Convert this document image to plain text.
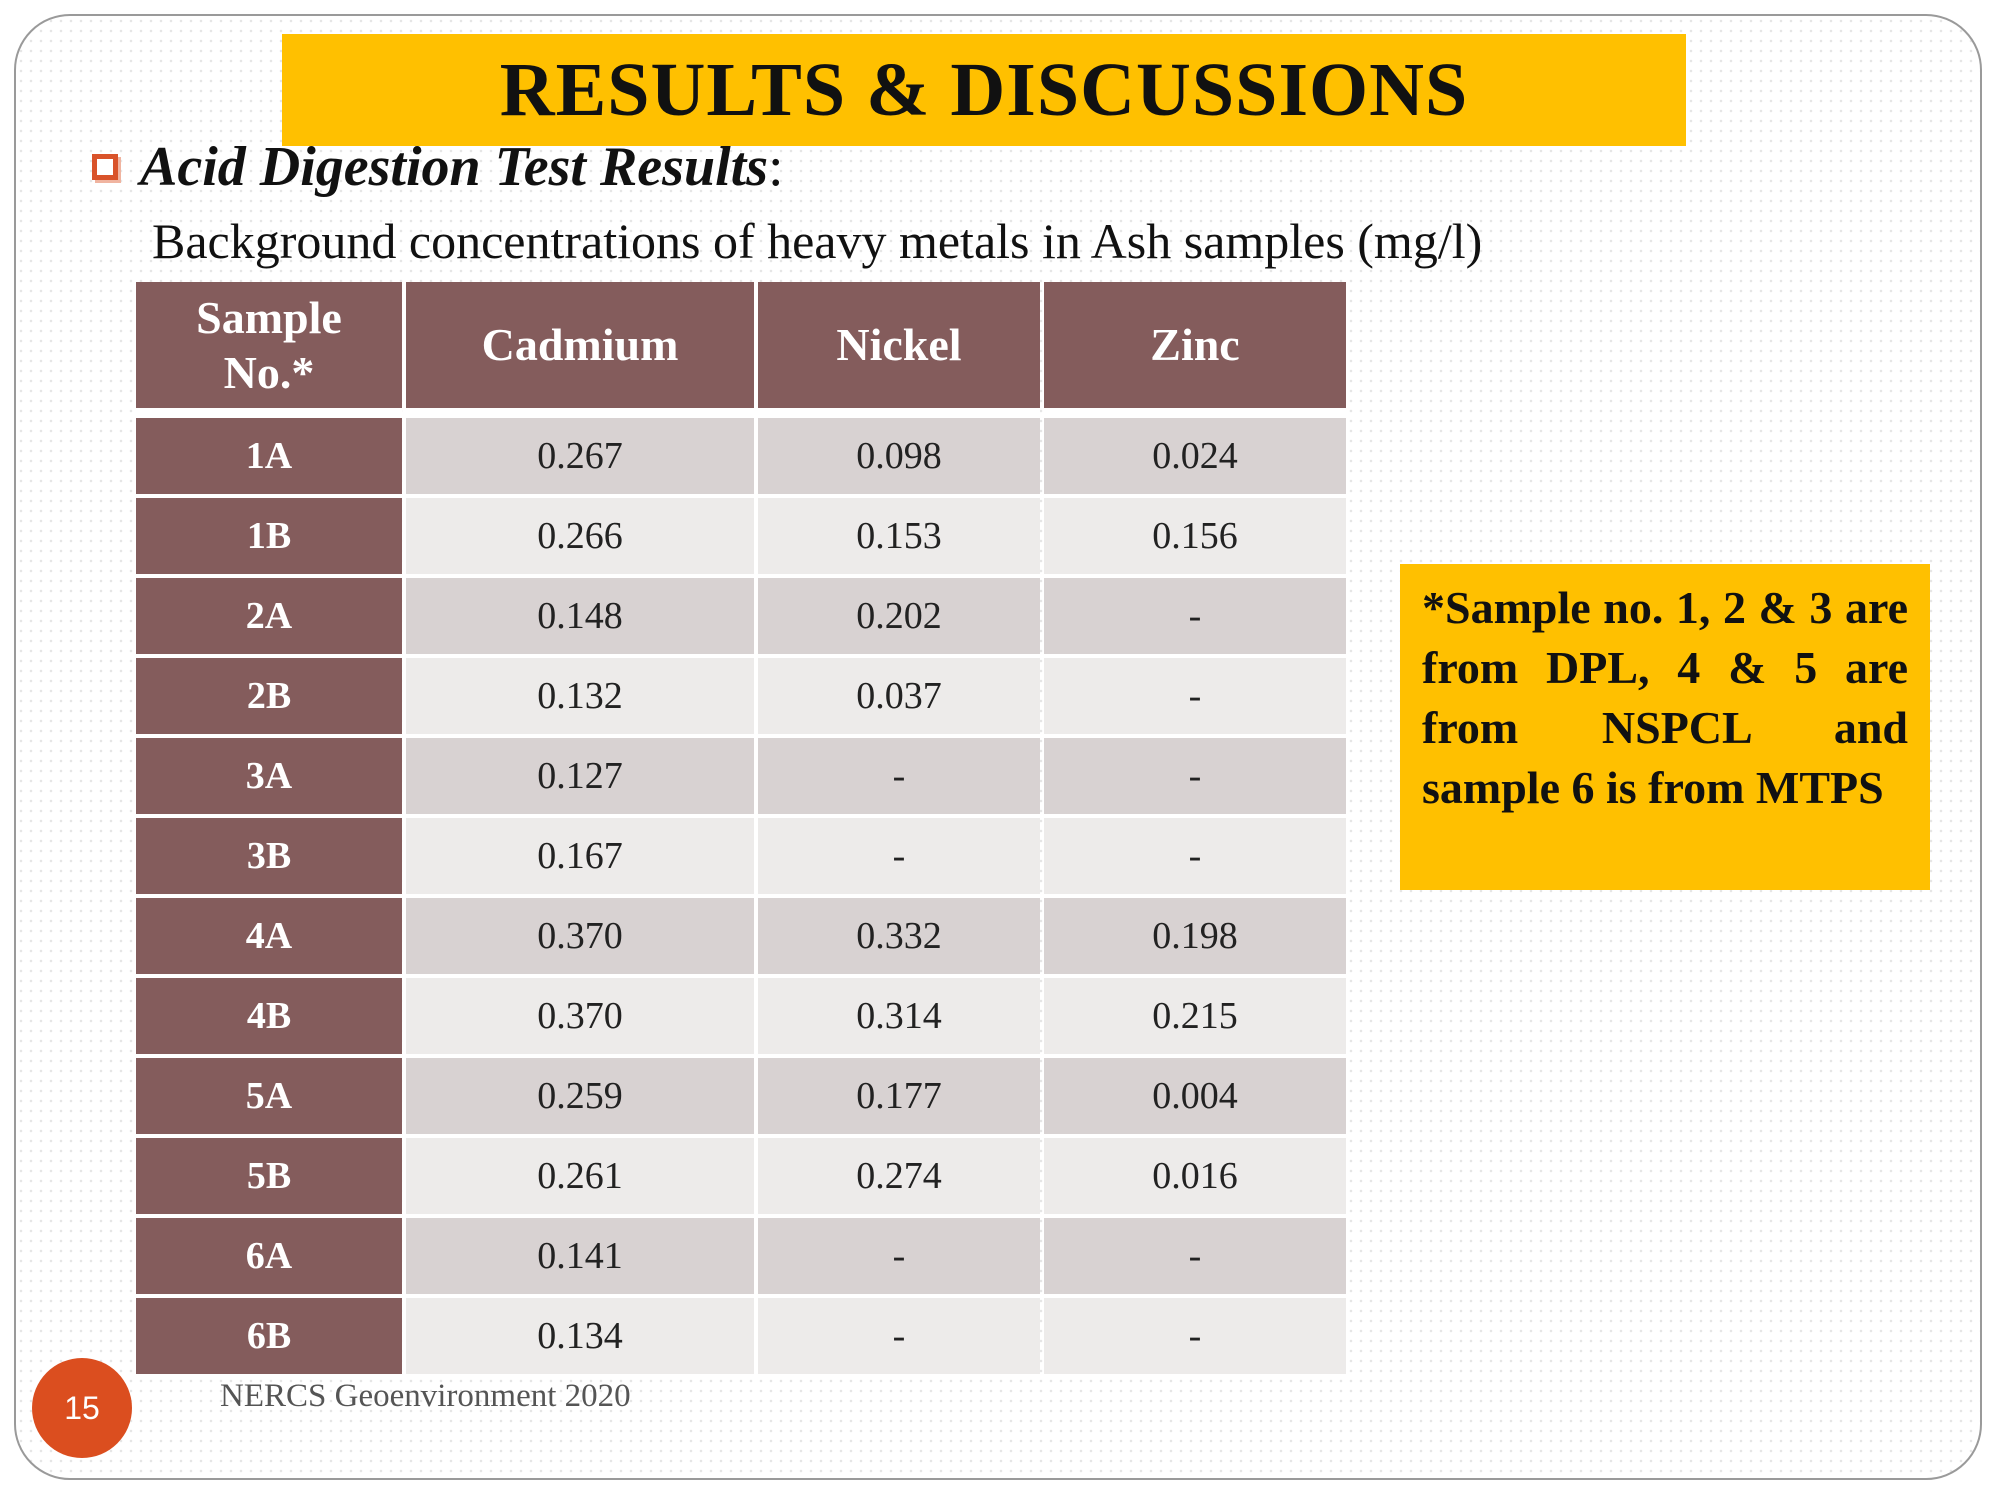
RESULTS & DISCUSSIONS
Acid Digestion Test Results:
Background concentrations of heavy metals in Ash samples (mg/l)
Sample No.*	Cadmium	Nickel	Zinc
1A	0.267	0.098	0.024
1B	0.266	0.153	0.156
2A	0.148	0.202	-
2B	0.132	0.037	-
3A	0.127	-	-
3B	0.167	-	-
4A	0.370	0.332	0.198
4B	0.370	0.314	0.215
5A	0.259	0.177	0.004
5B	0.261	0.274	0.016
6A	0.141	-	-
6B	0.134	-	-
*Sample no. 1, 2 & 3 are from DPL, 4 & 5 are from NSPCL and sample 6 is from MTPS
15	NERCS Geoenvironment 2020
